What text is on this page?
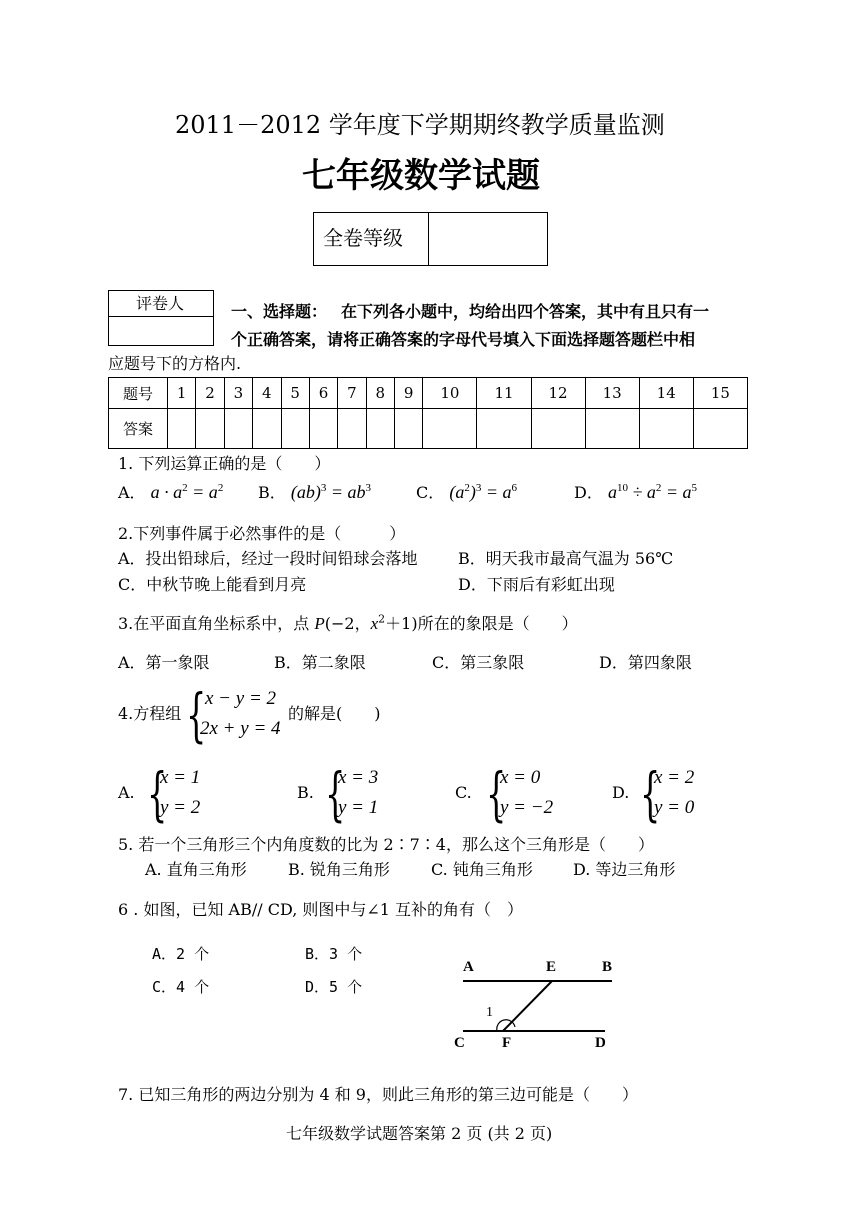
2011－2012 学年度下学期期终教学质量监测
七年级数学试题
全卷等级
评卷人	一、选择题： 在下列各小题中，均给出四个答案，其中有且只有一
个正确答案，请将正确答案的字母代号填入下面选择题答题栏中相
应题号下的方格内.
题号	1	2	3	4	5	6	7	8	9	10	11	12	13	14	15
答案															
1. 下列运算正确的是（　　）
A． $a \cdot a^2 = a^2$ B． $(ab)^3 = ab^3$	C． $(a^2)^3 = a^6$	D． $a^{10} \div a^2 = a^5$
2.下列事件属于必然事件的是（　　　）
A．投出铅球后，经过一段时间铅球会落地	B．明天我市最高气温为 56℃
C．中秋节晚上能看到月亮	D．下雨后有彩虹出现
3.在平面直角坐标系中，点 P(−2，$x^2+1$)所在的象限是（　　）
A．第一象限	B．第二象限	C．第三象限	D．第四象限
4.方程组 {
x − y = 2
2x + y = 4
的解是(　　)
A. {
x = 1
y = 2
B. {
x = 3
y = 1
C. {
x = 0
y = −2
D. {
x = 2
y = 0
5. 若一个三角形三个内角度数的比为 2∶7∶4，那么这个三角形是（　　）
A. 直角三角形	B. 锐角三角形	C. 钝角三角形	D. 等边三角形
6 . 如图，已知 AB// CD, 则图中与∠1 互补的角有（　）
A．2 个	B．3 个
C．4 个	D．5 个
A	E	B
1
C F	D
7. 已知三角形的两边分别为 4 和 9，则此三角形的第三边可能是（　　）
七年级数学试题答案第 2 页 (共 2 页)
